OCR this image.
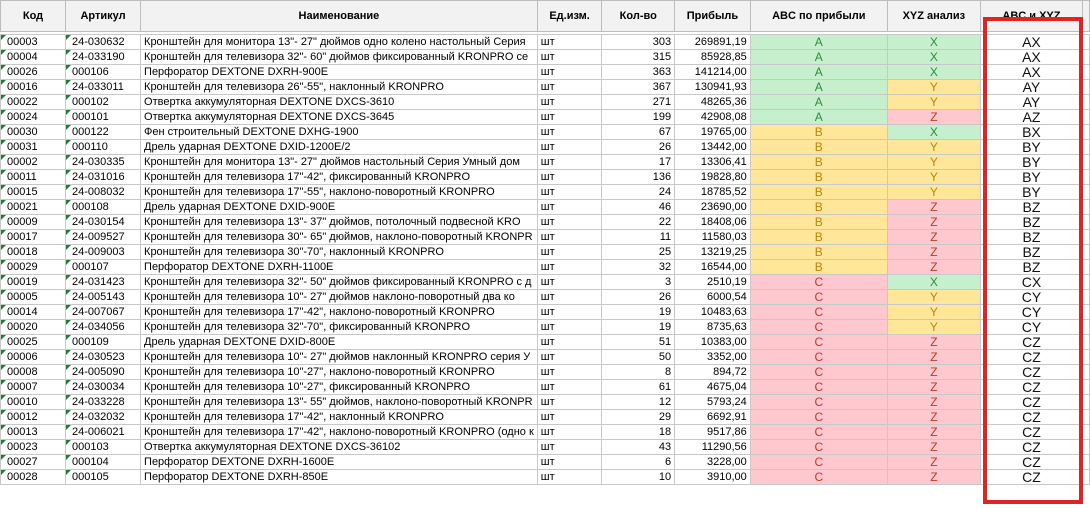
Код	Артикул	Наименование	Ед.изм.	Кол-во	Прибыль	ABC по прибыли	XYZ анализ	ABC и XYZ	

00003	24-030632	Кронштейн для монитора 13"- 27" дюймов одно колено настольный Серия	шт	303	269891,19	A	X	AX	
00004	24-033190	Кронштейн для телевизора 32"- 60" дюймов фиксированный KRONPRO се	шт	315	85928,85	A	X	AX	
00026	000106	Перфоратор DEXTONE DXRH-900E	шт	363	141214,00	A	X	AX	
00016	24-033011	Кронштейн для телевизора 26"-55", наклонный KRONPRO	шт	367	130941,93	A	Y	AY	
00022	000102	Отвертка аккумуляторная DEXTONE DXCS-3610	шт	271	48265,36	A	Y	AY	
00024	000101	Отвертка аккумуляторная DEXTONE DXCS-3645	шт	199	42908,08	A	Z	AZ	
00030	000122	Фен строительный DEXTONE DXHG-1900	шт	67	19765,00	B	X	BX	
00031	000110	Дрель ударная DEXTONE DXID-1200E/2	шт	26	13442,00	B	Y	BY	
00002	24-030335	Кронштейн для монитора 13"- 27" дюймов настольный Серия Умный дом	шт	17	13306,41	B	Y	BY	
00011	24-031016	Кронштейн для телевизора 17"-42", фиксированный KRONPRO	шт	136	19828,80	B	Y	BY	
00015	24-008032	Кронштейн для телевизора 17"-55", наклоно-поворотный KRONPRO	шт	24	18785,52	B	Y	BY	
00021	000108	Дрель ударная DEXTONE DXID-900E	шт	46	23690,00	B	Z	BZ	
00009	24-030154	Кронштейн для телевизора 13"- 37" дюймов, потолочный подвесной KRO	шт	22	18408,06	B	Z	BZ	
00017	24-009527	Кронштейн для телевизора 30"- 65" дюймов, наклоно-поворотный KRONPR	шт	11	11580,03	B	Z	BZ	
00018	24-009003	Кронштейн для телевизора 30"-70", наклонный KRONPRO	шт	25	13219,25	B	Z	BZ	
00029	000107	Перфоратор DEXTONE DXRH-1100E	шт	32	16544,00	B	Z	BZ	
00019	24-031423	Кронштейн для телевизора 32"- 50" дюймов фиксированный KRONPRO с д	шт	3	2510,19	C	X	CX	
00005	24-005143	Кронштейн для телевизора 10"- 27" дюймов наклоно-поворотный два ко	шт	26	6000,54	C	Y	CY	
00014	24-007067	Кронштейн для телевизора 17"-42", наклоно-поворотный KRONPRO	шт	19	10483,63	C	Y	CY	
00020	24-034056	Кронштейн для телевизора 32"-70", фиксированный KRONPRO	шт	19	8735,63	C	Y	CY	
00025	000109	Дрель ударная DEXTONE DXID-800E	шт	51	10383,00	C	Z	CZ	
00006	24-030523	Кронштейн для телевизора 10"- 27" дюймов наклонный KRONPRO серия У	шт	50	3352,00	C	Z	CZ	
00008	24-005090	Кронштейн для телевизора 10"-27", наклоно-поворотный KRONPRO	шт	8	894,72	C	Z	CZ	
00007	24-030034	Кронштейн для телевизора 10"-27", фиксированный KRONPRO	шт	61	4675,04	C	Z	CZ	
00010	24-033228	Кронштейн для телевизора 13"- 55" дюймов, наклоно-поворотный KRONPR	шт	12	5793,24	C	Z	CZ	
00012	24-032032	Кронштейн для телевизора 17"-42", наклонный KRONPRO	шт	29	6692,91	C	Z	CZ	
00013	24-006021	Кронштейн для телевизора 17"-42", наклоно-поворотный KRONPRO (одно к	шт	18	9517,86	C	Z	CZ	
00023	000103	Отвертка аккумуляторная DEXTONE DXCS-36102	шт	43	11290,56	C	Z	CZ	
00027	000104	Перфоратор DEXTONE DXRH-1600E	шт	6	3228,00	C	Z	CZ	
00028	000105	Перфоратор DEXTONE DXRH-850E	шт	10	3910,00	C	Z	CZ	
